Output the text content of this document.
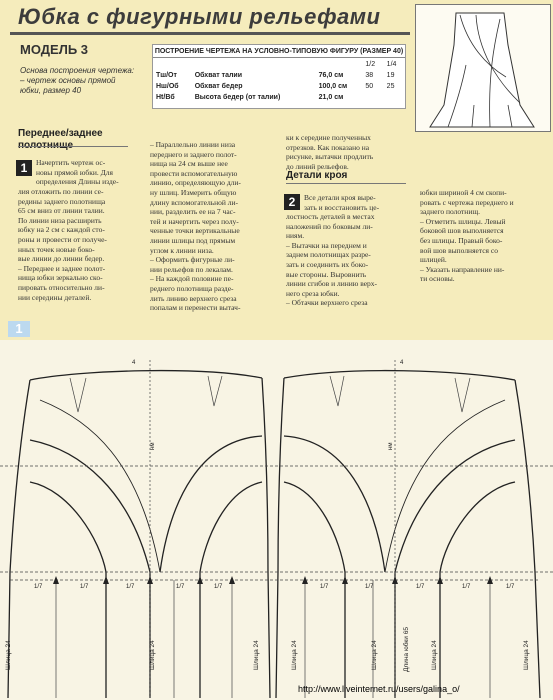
Юбка с фигурными рельефами
МОДЕЛЬ 3
Основа построения чертежа:
– чертеж основы прямой
юбки, размер 40
ПОСТРОЕНИЕ ЧЕРТЕЖА НА УСЛОВНО-ТИПОВУЮ ФИГУРУ (РАЗМЕР 40)
			1/2	1/4
Тш/От	Обхват талии	76,0 см	38	19
Нш/Об	Обхват бедер	100,0 см	50	25
Ht/Вб	Высота бедер (от талии)	21,0 см		
Переднее/заднее
1
Детали кроя
2
Начертить чертеж ос-
новы прямой юбки. Для
определения Длины изде-
лия отложить по линии се-
редины заднего полотнища
65 см вниз от линии талии.
По линии низа расширить
юбку на 2 см с каждой сто-
роны и провести от получе-
нных точек новые боко-
вые линии до линии бедер.
– Переднее и заднее полот-
нища юбки зеркально ско-
пировать относительно ли-
нии середины деталей.
– Параллельно линии низа
переднего и заднего полот-
нища на 24 см выше нее
провести вспомогательную
линию, определяющую дли-
ну шлиц. Измерить общую
длину вспомогательной ли-
нии, разделить ее на 7 час-
тей и начертить через полу-
ченные точки вертикальные
линии шлицы под прямым
углом к линии низа.
– Оформить фигурные ли-
нии рельефов по лекалам.
– На каждой половине пе-
реднего полотнища разде-
лить линию верхнего среза
попалам и перенести вытач-
ки к середине полученных
отрезков. Как показано на
рисунке, вытачки продлить
до линий рельефов.
Все детали кроя выре-
зать и восстановить це-
лостность деталей в местах
наложений по боковым ли-
ниям.
– Вытачки на переднем и
заднем полотнищах разре-
зать и соединить их боко-
вые стороны. Выровнить
линии сгибов и линию верх-
него среза юбки.
– Обтачки верхнего среза
юбки шириной 4 см скопи-
ровать с чертежа переднего и
заднего полотнищ.
– Отметить шлицы. Левый
боковой шов выполняется
без шлицы. Правый боко-
вой шов выполняется со
шлицей.
– Указать направление ни-
ти основы.
1
1/7	1/7	1/7	1/7	1/7	1/7	1/7	1/7	1/7	1/7
4	4
нм	нм
Шлица 24	Шлица 24	Шлица 24	Шлица 24	Шлица 24	Шлица 24	Шлица 24
Длина юбки 65
http://www.liveinternet.ru/users/galina_o/
